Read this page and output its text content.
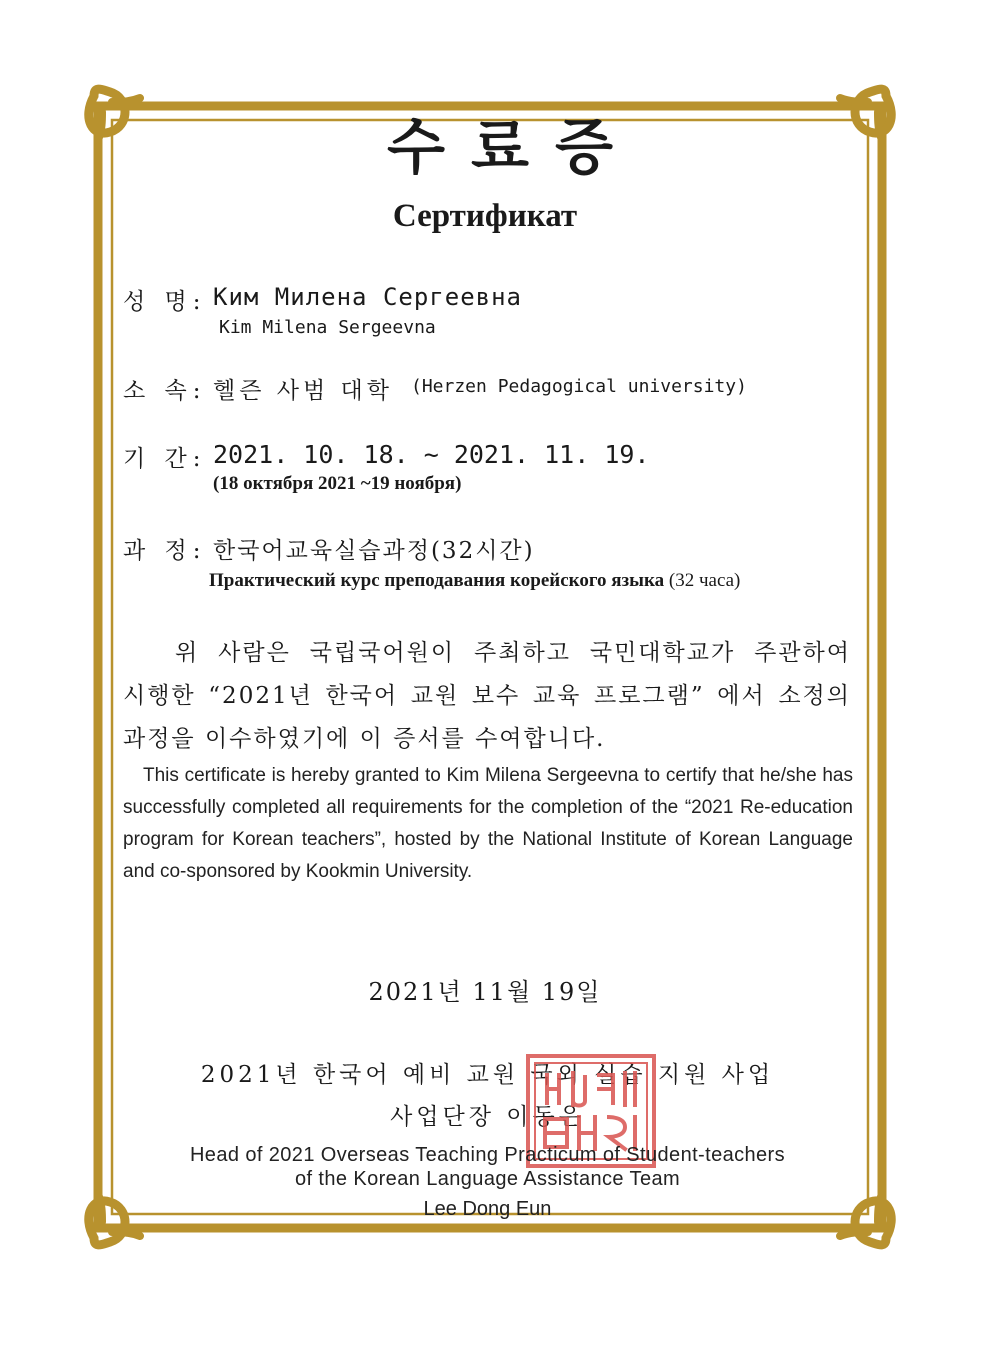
수료증
Сертификат
성 명: Ким Милена Сергеевна
Kim Milena Sergeevna
소 속: 헬즌 사범 대학 (Herzen Pedagogical university)
기 간: 2021. 10. 18. ~ 2021. 11. 19.
(18 октября 2021 ~19 ноября)
과 정: 한국어교육실습과정(32시간)
Практический курс преподавания корейского языка (32 часа)
위 사람은 국립국어원이 주최하고 국민대학교가 주관하여
시행한 “2021년 한국어 교원 보수 교육 프로그램” 에서 소정의
과정을 이수하였기에 이 증서를 수여합니다.
This certificate is hereby granted to Kim Milena Sergeevna to certify that he/she has successfully completed all requirements for the completion of the “2021 Re-education program for Korean teachers”, hosted by the National Institute of Korean Language and co-sponsored by Kookmin University.
2021년 11월 19일
2021년 한국어 예비 교원 국외 실습 지원 사업
사업단장 이동은
Head of 2021 Overseas Teaching Practicum of Student-teachers
of the Korean Language Assistance Team
Lee Dong Eun
